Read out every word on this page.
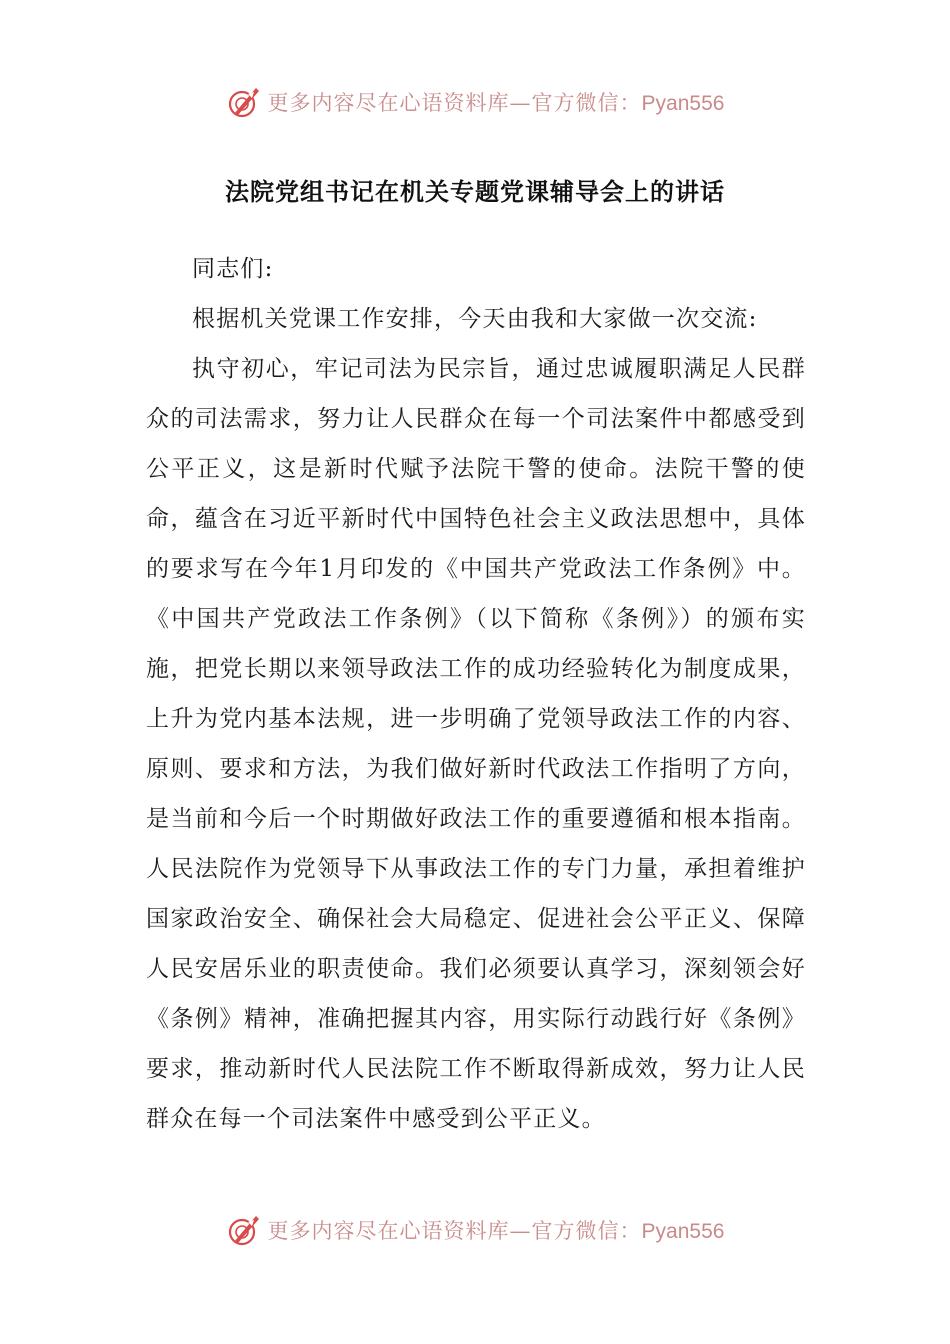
更多内容尽在心语资料库—官方微信：Pyan556
法院党组书记在机关专题党课辅导会上的讲话

同志们:

根据机关党课工作安排，今天由我和大家做一次交流:

执守初心，牢记司法为民宗旨，通过忠诚履职满足人民群众的司法需求，努力让人民群众在每一个司法案件中都感受到公平正义，这是新时代赋予法院干警的使命。法院干警的使命，蕴含在习近平新时代中国特色社会主义政法思想中，具体的要求写在今年1月印发的《中国共产党政法工作条例》中。《中国共产党政法工作条例》（以下简称《条例》）的颁布实施，把党长期以来领导政法工作的成功经验转化为制度成果，上升为党内基本法规，进一步明确了党领导政法工作的内容、原则、要求和方法，为我们做好新时代政法工作指明了方向，是当前和今后一个时期做好政法工作的重要遵循和根本指南。人民法院作为党领导下从事政法工作的专门力量，承担着维护国家政治安全、确保社会大局稳定、促进社会公平正义、保障人民安居乐业的职责使命。我们必须要认真学习，深刻领会好《条例》精神，准确把握其内容，用实际行动践行好《条例》要求，推动新时代人民法院工作不断取得新成效，努力让人民群众在每一个司法案件中感受到公平正义。

更多内容尽在心语资料库—官方微信：Pyan556
